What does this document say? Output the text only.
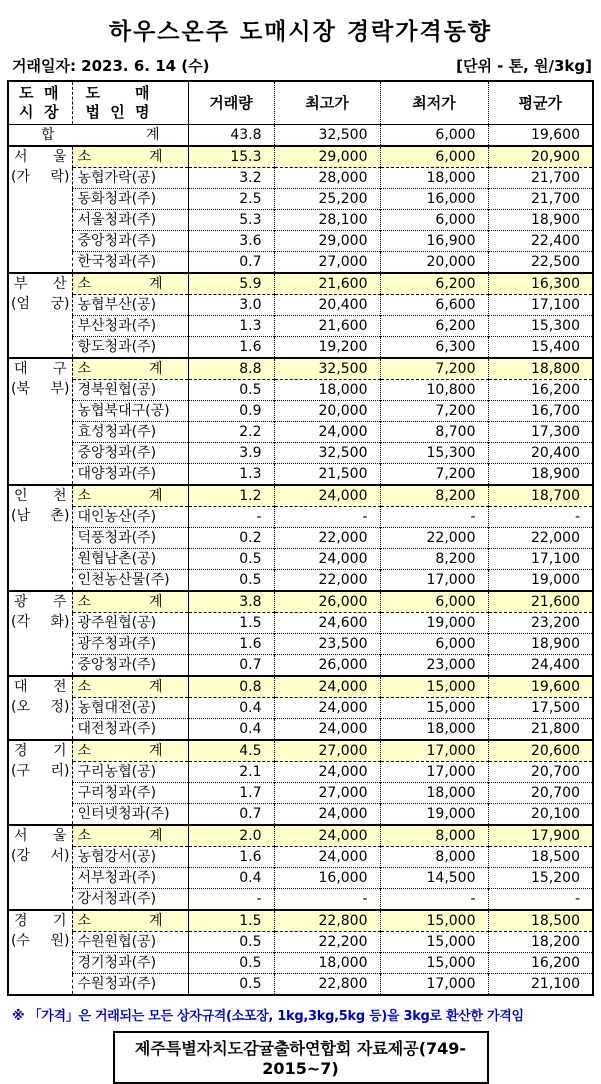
하우스온주 도매시장 경락가격동향
거래일자: 2023. 6. 14 (수)	[단위 - 톤, 원/3kg]
도 매
시 장

도 매
법 인 명	거래량	최고가	최저가	평균가
합 계		43.8	32,500	6,000	19,600

서 울
(가 락)	소 계	15.3	29,000	6,000	20,900
	농협가락(공)	3.2	28,000	18,000	21,700
	동화청과(주)	2.5	25,200	16,000	21,700
	서울청과(주)	5.3	28,100	6,000	18,900
	중앙청과(주)	3.6	29,000	16,900	22,400
	한국청과(주)	0.7	27,000	20,000	22,500

부 산
(엄 궁)	소 계	5.9	21,600	6,200	16,300
	농협부산(공)	3.0	20,400	6,600	17,100
	부산청과(주)	1.3	21,600	6,200	15,300
	항도청과(주)	1.6	19,200	6,300	15,400

대 구
(북 부)	소 계	8.8	32,500	7,200	18,800
	경북원협(공)	0.5	18,000	10,800	16,200
	농협북대구(공)	0.9	20,000	7,200	16,700
	효성청과(주)	2.2	24,000	8,700	17,300
	중앙청과(주)	3.9	32,500	15,300	20,400
	대양청과(주)	1.3	21,500	7,200	18,900

인 천
(남 촌)	소 계	1.2	24,000	8,200	18,700
	대인농산(주)	-	-	-	-
	덕풍청과(주)	0.2	22,000	22,000	22,000
	원협남촌(공)	0.5	24,000	8,200	17,100
	인천농산물(주)	0.5	22,000	17,000	19,000

광 주
(각 화)	소 계	3.8	26,000	6,000	21,600
	광주원협(공)	1.5	24,600	19,000	23,200
	광주청과(주)	1.6	23,500	6,000	18,900
	중앙청과(주)	0.7	26,000	23,000	24,400

대 전
(오 정)	소 계	0.8	24,000	15,000	19,600
	농협대전(공)	0.4	24,000	15,000	17,500
	대전청과(주)	0.4	24,000	18,000	21,800

경 기
(구 리)	소 계	4.5	27,000	17,000	20,600
	구리농협(공)	2.1	24,000	17,000	20,700
	구리청과(주)	1.7	27,000	18,000	20,700
	인터넷청과(주)	0.7	24,000	19,000	20,100

서 울
(강 서)	소 계	2.0	24,000	8,000	17,900
	농협강서(공)	1.6	24,000	8,000	18,500
	서부청과(주)	0.4	16,000	14,500	15,200
	강서청과(주)	-	-	-	-

경 기
(수 원)	소 계	1.5	22,800	15,000	18,500
	수원원협(공)	0.5	22,200	15,000	18,200
	경기청과(주)	0.5	18,000	15,000	16,200
	수원청과(주)	0.5	22,800	17,000	21,100
※ 「가격」은 거래되는 모든 상자규격(소포장, 1kg,3kg,5kg 등)을 3kg로 환산한 가격임
제주특별자치도감귤출하연합회 자료제공(749-2015~7)
